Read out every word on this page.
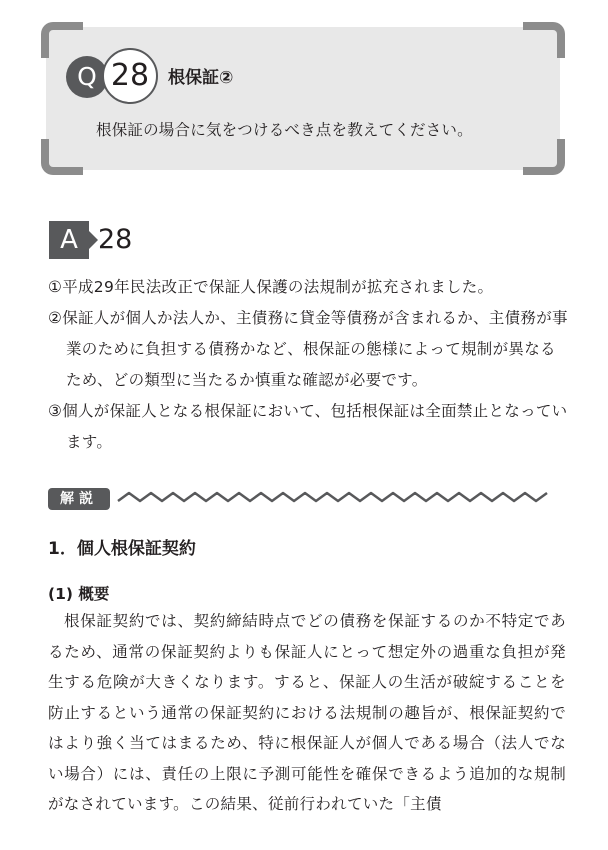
Q 28	根保証②
根保証の場合に気をつけるべき点を教えてください。
A 28
①平成29年民法改正で保証人保護の法規制が拡充されました。
②保証人が個人か法人か、主債務に貸金等債務が含まれるか、主債務が事業のために負担する債務かなど、根保証の態様によって規制が異なるため、どの類型に当たるか慎重な確認が必要です。
③個人が保証人となる根保証において、包括根保証は全面禁止となっています。
解説
1．個人根保証契約
(1) 概要
根保証契約では、契約締結時点でどの債務を保証するのか不特定であるため、通常の保証契約よりも保証人にとって想定外の過重な負担が発生する危険が大きくなります。すると、保証人の生活が破綻することを防止するという通常の保証契約における法規制の趣旨が、根保証契約ではより強く当てはまるため、特に根保証人が個人である場合（法人でない場合）には、責任の上限に予測可能性を確保できるよう追加的な規制がなされています。この結果、従前行われていた「主債
